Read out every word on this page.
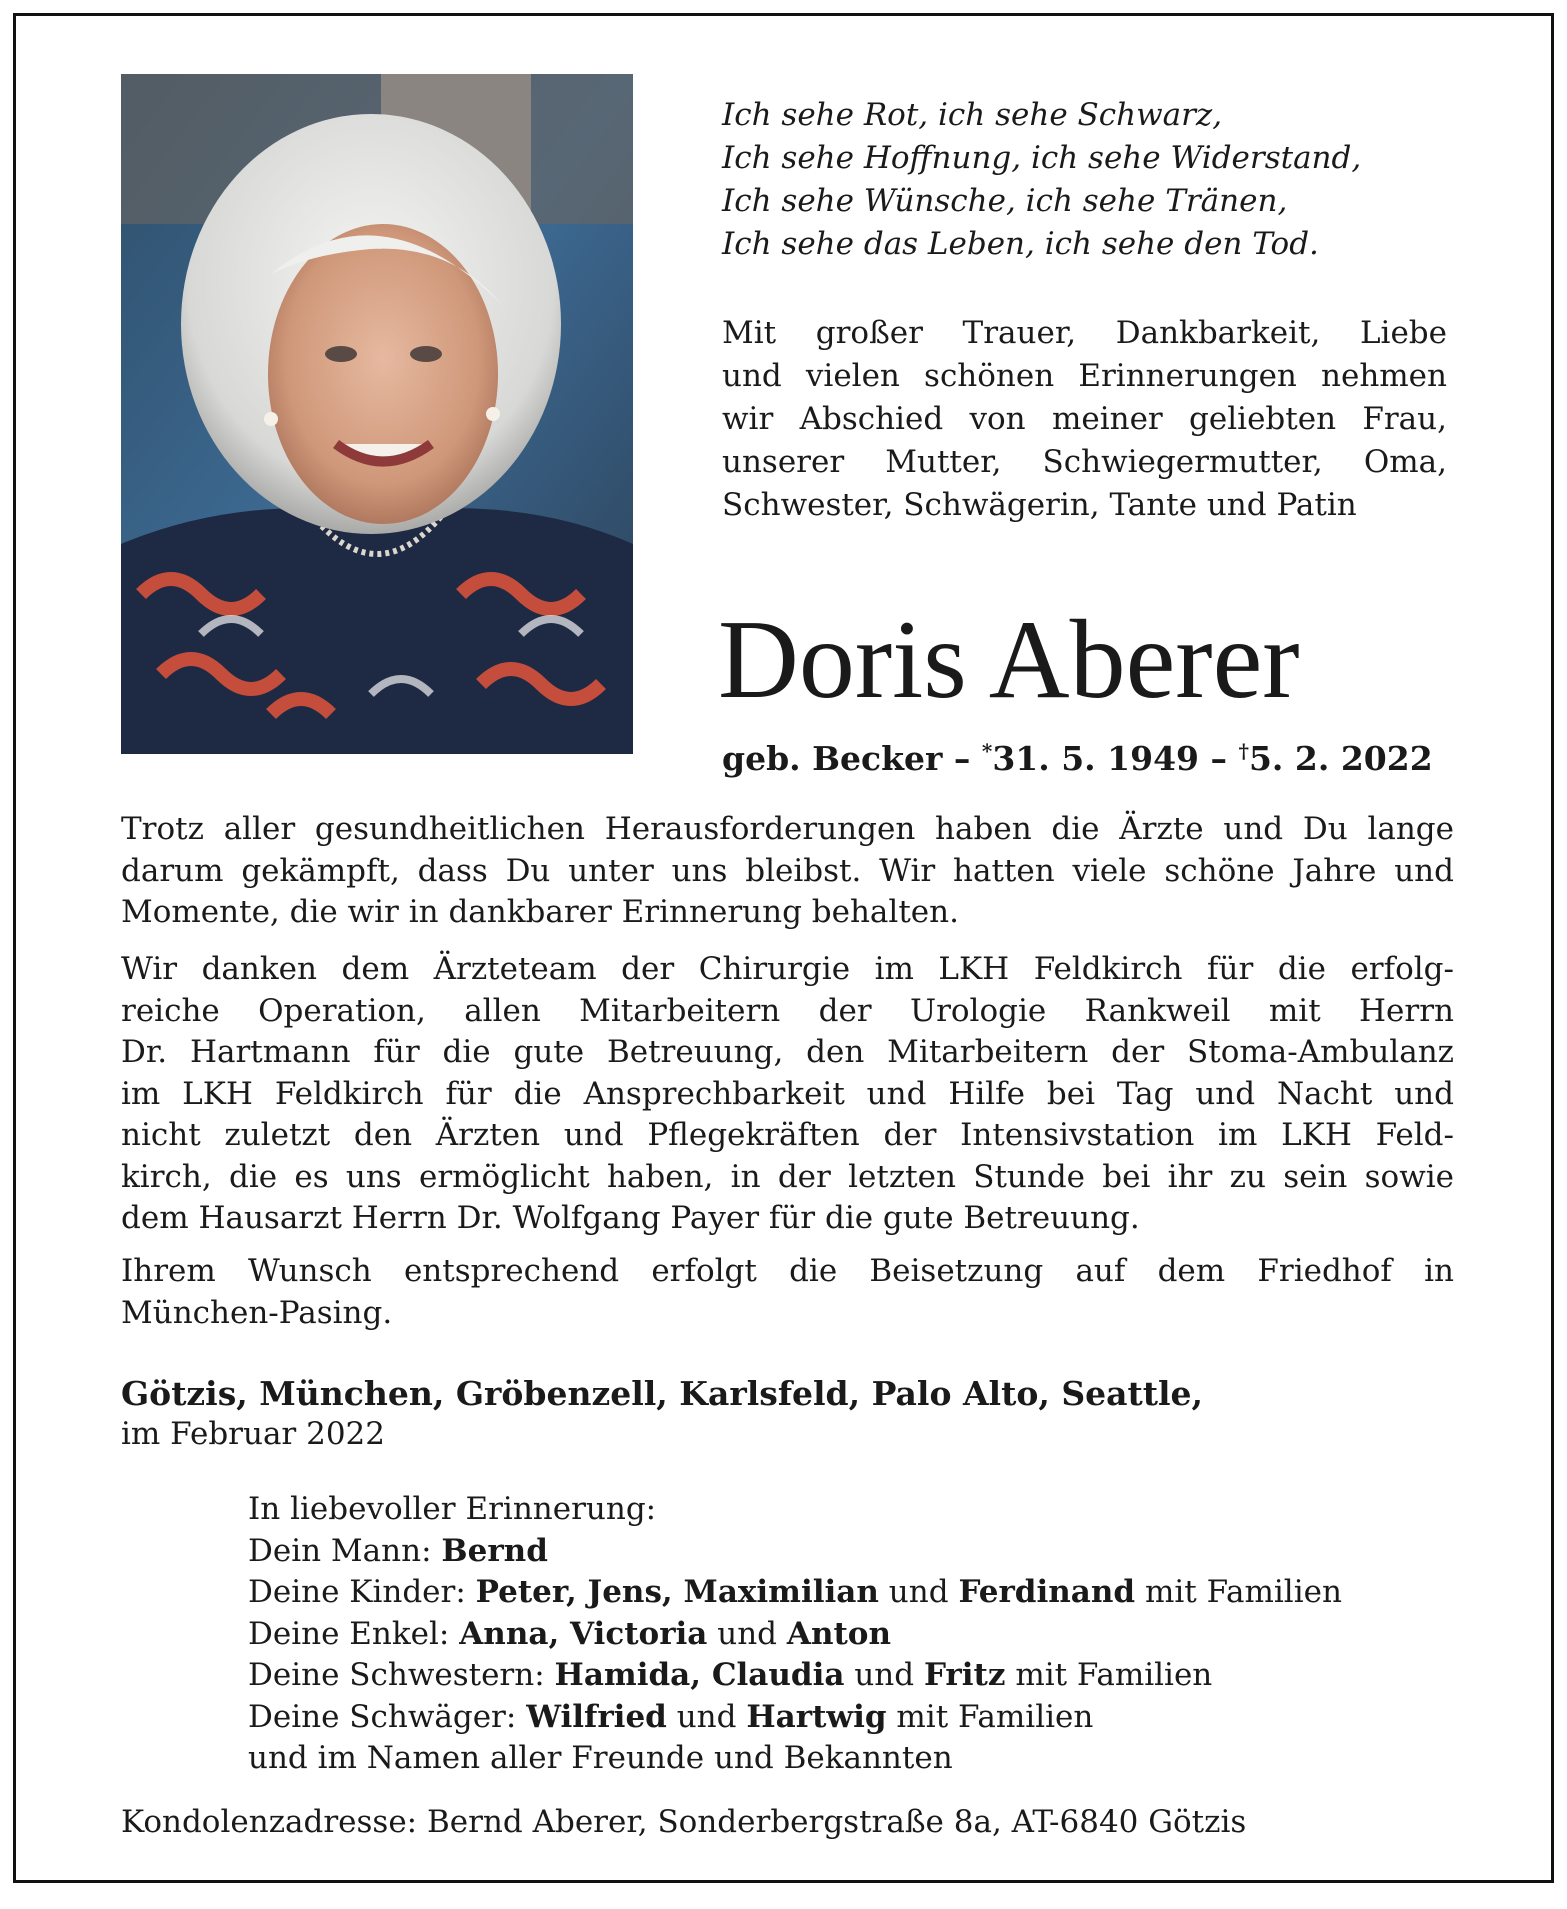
Ich sehe Rot, ich sehe Schwarz,
Ich sehe Hoffnung, ich sehe Widerstand,
Ich sehe Wünsche, ich sehe Tränen,
Ich sehe das Leben, ich sehe den Tod.
Mit großer Trauer, Dankbarkeit, Liebe
und vielen schönen Erinnerungen nehmen
wir Abschied von meiner geliebten Frau,
unserer Mutter, Schwiegermutter, Oma,
Schwester, Schwägerin, Tante und Patin
Doris Aberer
geb. Becker – *31. 5. 1949 – †5. 2. 2022
Trotz aller gesundheitlichen Herausforderungen haben die Ärzte und Du lange
darum gekämpft, dass Du unter uns bleibst. Wir hatten viele schöne Jahre und
Momente, die wir in dankbarer Erinnerung behalten.
Wir danken dem Ärzteteam der Chirurgie im LKH Feldkirch für die erfolg-
reiche Operation, allen Mitarbeitern der Urologie Rankweil mit Herrn
Dr. Hartmann für die gute Betreuung, den Mitarbeitern der Stoma-Ambulanz
im LKH Feldkirch für die Ansprechbarkeit und Hilfe bei Tag und Nacht und
nicht zuletzt den Ärzten und Pflegekräften der Intensivstation im LKH Feld-
kirch, die es uns ermöglicht haben, in der letzten Stunde bei ihr zu sein sowie
dem Hausarzt Herrn Dr. Wolfgang Payer für die gute Betreuung.
Ihrem Wunsch entsprechend erfolgt die Beisetzung auf dem Friedhof in
München-Pasing.
Götzis, München, Gröbenzell, Karlsfeld, Palo Alto, Seattle,
im Februar 2022
In liebevoller Erinnerung:
Dein Mann: Bernd
Deine Kinder: Peter, Jens, Maximilian und Ferdinand mit Familien
Deine Enkel: Anna, Victoria und Anton
Deine Schwestern: Hamida, Claudia und Fritz mit Familien
Deine Schwäger: Wilfried und Hartwig mit Familien
und im Namen aller Freunde und Bekannten
Kondolenzadresse: Bernd Aberer, Sonderbergstraße 8a, AT-6840 Götzis
